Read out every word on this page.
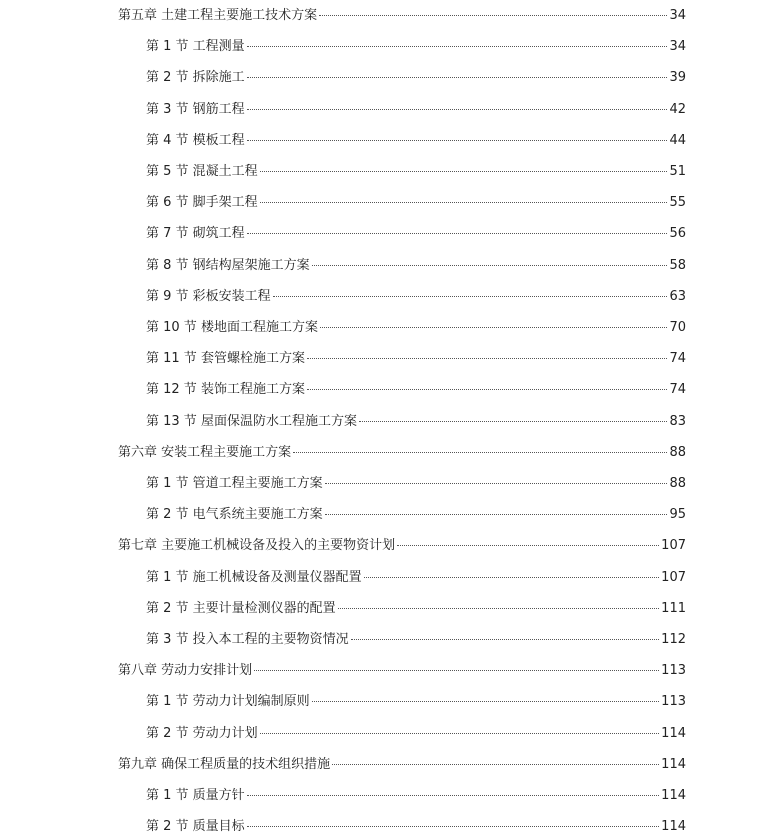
第五章 土建工程主要施工技术方案	34
第 1 节 工程测量	34
第 2 节 拆除施工	39
第 3 节 钢筋工程	42
第 4 节 模板工程	44
第 5 节 混凝土工程	51
第 6 节 脚手架工程	55
第 7 节 砌筑工程	56
第 8 节 钢结构屋架施工方案	58
第 9 节 彩板安装工程	63
第 10 节 楼地面工程施工方案	70
第 11 节 套管螺栓施工方案	74
第 12 节 装饰工程施工方案	74
第 13 节 屋面保温防水工程施工方案	83
第六章 安装工程主要施工方案	88
第 1 节 管道工程主要施工方案	88
第 2 节 电气系统主要施工方案	95
第七章 主要施工机械设备及投入的主要物资计划	107
第 1 节 施工机械设备及测量仪器配置	107
第 2 节 主要计量检测仪器的配置	111
第 3 节 投入本工程的主要物资情况	112
第八章 劳动力安排计划	113
第 1 节 劳动力计划编制原则	113
第 2 节 劳动力计划	114
第九章 确保工程质量的技术组织措施	114
第 1 节 质量方针	114
第 2 节 质量目标	114
